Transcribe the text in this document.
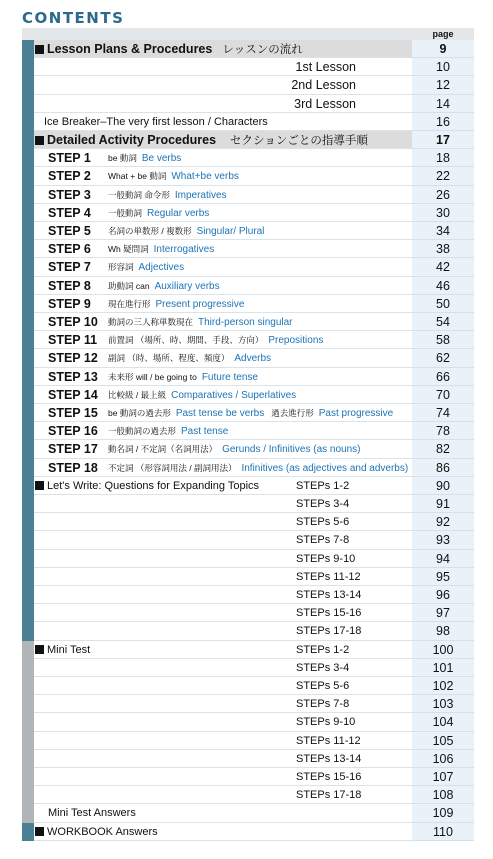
CONTENTS
page
Lesson Plans & Procedures レッスンの流れ	9
1st Lesson	10
2nd Lesson	12
3rd Lesson	14
Ice Breaker–The very first lesson / Characters	16
Detailed Activity Procedures セクションごとの指導手順	17
STEP 1 be 動詞 Be verbs	18
STEP 2 What + be 動詞 What+be verbs	22
STEP 3 一般動詞 命令形 Imperatives	26
STEP 4 一般動詞 Regular verbs	30
STEP 5 名詞の単数形 / 複数形 Singular/ Plural	34
STEP 6 Wh 疑問詞 Interrogatives	38
STEP 7 形容詞 Adjectives	42
STEP 8 助動詞 can Auxiliary verbs	46
STEP 9 現在進行形 Present progressive	50
STEP 10 動詞の三人称単数現在 Third-person singular	54
STEP 11 前置詞 （場所、時、期間、手段、方向） Prepositions	58
STEP 12 副詞 （時、場所、程度、頻度） Adverbs	62
STEP 13 未来形 will / be going to Future tense	66
STEP 14 比較級 / 最上級 Comparatives / Superlatives	70
STEP 15 be 動詞の過去形 Past tense be verbs 過去進行形 Past progressive	74
STEP 16 一般動詞の過去形 Past tense	78
STEP 17 動名詞 / 不定詞（名詞用法） Gerunds / Infinitives (as nouns)	82
STEP 18 不定詞 （形容詞用法 / 副詞用法） Infinitives (as adjectives and adverbs)	86
Let's Write: Questions for Expanding Topics	STEPs 1-2	90
STEPs 3-4	91
STEPs 5-6	92
STEPs 7-8	93
STEPs 9-10	94
STEPs 11-12	95
STEPs 13-14	96
STEPs 15-16	97
STEPs 17-18	98
Mini Test	STEPs 1-2	100
STEPs 3-4	101
STEPs 5-6	102
STEPs 7-8	103
STEPs 9-10	104
STEPs 11-12	105
STEPs 13-14	106
STEPs 15-16	107
STEPs 17-18	108
Mini Test Answers	109
WORKBOOK Answers	110
